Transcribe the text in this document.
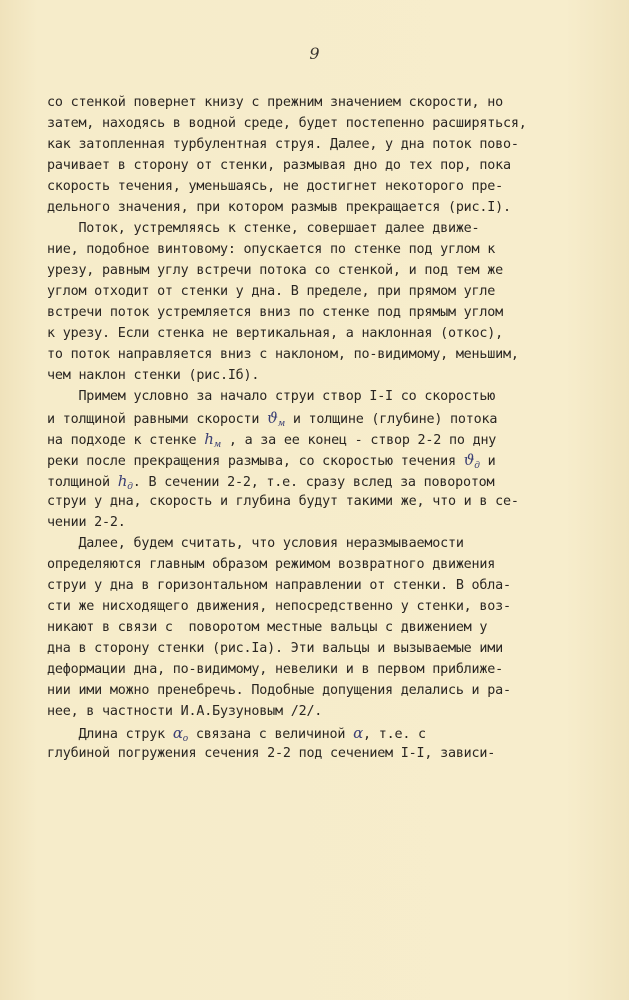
9
со стенкой повернет книзу с прежним значением скорости, но
затем, находясь в водной среде, будет постепенно расширяться,
как затопленная турбулентная струя. Далее, у дна поток пово-
рачивает в сторону от стенки, размывая дно до тех пор, пока
скорость течения, уменьшаясь, не достигнет некоторого пре-
дельного значения, при котором размыв прекращается (рис.I).
Поток, устремляясь к стенке, совершает далее движе-
ние, подобное винтовому: опускается по стенке под углом к
урезу, равным углу встречи потока со стенкой, и под тем же
углом отходит от стенки у дна. В пределе, при прямом угле
встречи поток устремляется вниз по стенке под прямым углом
к урезу. Если стенка не вертикальная, а наклонная (откос),
то поток направляется вниз с наклоном, по-видимому, меньшим,
чем наклон стенки (рис.Iб).
Примем условно за начало струи створ I-I со скоростью
и толщиной равными скорости $ϑ_м$ и толщине (глубине) потока
на подходе к стенке $h_м$ , а за ее конец - створ 2-2 по дну
реки после прекращения размыва, со скоростью течения $ϑ_д$ и
толщиной $h_д$. В сечении 2-2, т.е. сразу вслед за поворотом
струи у дна, скорость и глубина будут такими же, что и в се-
чении 2-2.
Далее, будем считать, что условия неразмываемости
определяются главным образом режимом возвратного движения
струи у дна в горизонтальном направлении от стенки. В обла-
сти же нисходящего движения, непосредственно у стенки, воз-
никают в связи с  поворотом местные вальцы с движением у
дна в сторону стенки (рис.Iа). Эти вальцы и вызываемые ими
деформации дна, по-видимому, невелики и в первом приближе-
нии ими можно пренебречь. Подобные допущения делались и ра-
нее, в частности И.А.Бузуновым /2/.
Длина струк $\alpha_о$ связана с величиной α, т.е. с
глубиной погружения сечения 2-2 под сечением I-I, зависи-
